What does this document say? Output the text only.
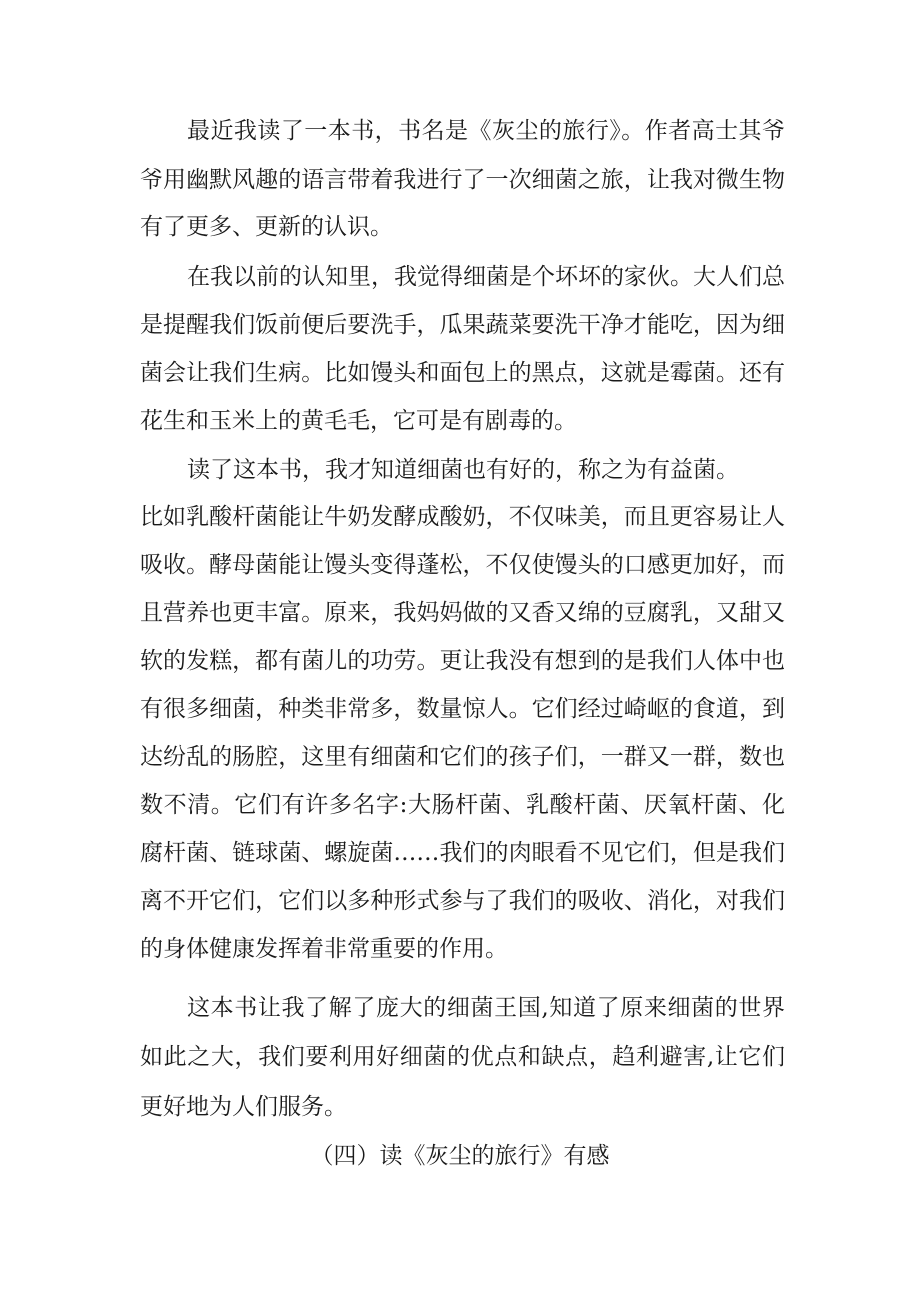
最近我读了一本书，书名是《灰尘的旅行》。作者高士其爷
爷用幽默风趣的语言带着我进行了一次细菌之旅，让我对微生物
有了更多、更新的认识。
在我以前的认知里，我觉得细菌是个坏坏的家伙。大人们总
是提醒我们饭前便后要洗手，瓜果蔬菜要洗干净才能吃，因为细
菌会让我们生病。比如馒头和面包上的黑点，这就是霉菌。还有
花生和玉米上的黄毛毛，它可是有剧毒的。
读了这本书，我才知道细菌也有好的，称之为有益菌。
比如乳酸杆菌能让牛奶发酵成酸奶，不仅味美，而且更容易让人
吸收。酵母菌能让馒头变得蓬松，不仅使馒头的口感更加好，而
且营养也更丰富。原来，我妈妈做的又香又绵的豆腐乳，又甜又
软的发糕，都有菌儿的功劳。更让我没有想到的是我们人体中也
有很多细菌，种类非常多，数量惊人。它们经过崎岖的食道，到
达纷乱的肠腔，这里有细菌和它们的孩子们，一群又一群，数也
数不清。它们有许多名字:大肠杆菌、乳酸杆菌、厌氧杆菌、化
腐杆菌、链球菌、螺旋菌……我们的肉眼看不见它们，但是我们
离不开它们，它们以多种形式参与了我们的吸收、消化，对我们
的身体健康发挥着非常重要的作用。
这本书让我了解了庞大的细菌王国,知道了原来细菌的世界
如此之大，我们要利用好细菌的优点和缺点，趋利避害,让它们
更好地为人们服务。
（四）读《灰尘的旅行》有感
